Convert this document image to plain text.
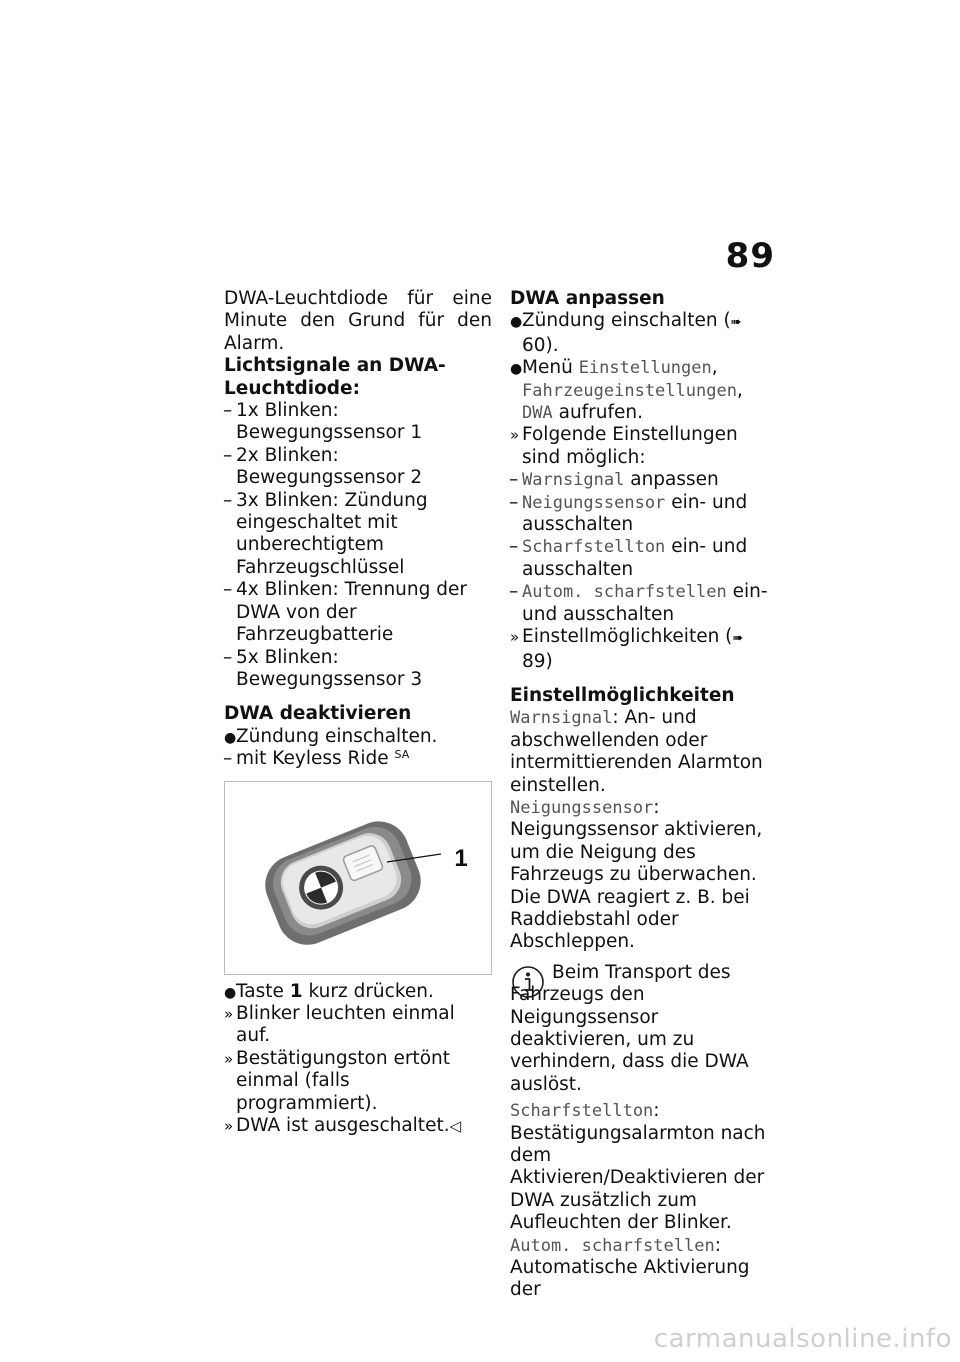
89

DWA-Leuchtdiode für eine Minute den Grund für den Alarm.

Lichtsignale an DWA-Leuchtdiode:

– 1x Blinken: Bewegungssensor 1
– 2x Blinken: Bewegungssensor 2
– 3x Blinken: Zündung eingeschaltet mit unberechtigtem Fahrzeugschlüssel
– 4x Blinken: Trennung der DWA von der Fahrzeugbatterie
– 5x Blinken: Bewegungssensor 3

DWA deaktivieren

● Zündung einschalten.
– mit Keyless Ride $^{SA}$
1
● Taste 1 kurz drücken.
» Blinker leuchten einmal auf.
» Bestätigungston ertönt einmal (falls programmiert).
» DWA ist ausgeschaltet.◁

DWA anpassen

● Zündung einschalten (➠ 60).
● Menü Einstellungen, Fahrzeugeinstellungen, DWA aufrufen.
» Folgende Einstellungen sind möglich:
– Warnsignal anpassen
– Neigungssensor ein- und ausschalten
– Scharfstellton ein- und ausschalten
– Autom. scharfstellen ein- und ausschalten
» Einstellmöglichkeiten (➠ 89)

Einstellmöglichkeiten

Warnsignal: An- und abschwellenden oder intermittierenden Alarmton einstellen.

Neigungssensor: Neigungssensor aktivieren, um die Neigung des Fahrzeugs zu überwachen. Die DWA reagiert z. B. bei Raddiebstahl oder Abschleppen.

Beim Transport des Fahrzeugs den Neigungssensor deaktivieren, um zu verhindern, dass die DWA auslöst.

Scharfstellton: Bestätigungsalarmton nach dem Aktivieren/Deaktivieren der DWA zusätzlich zum Aufleuchten der Blinker.

Autom. scharfstellen:

Automatische Aktivierung der

carmanualsonline.info
